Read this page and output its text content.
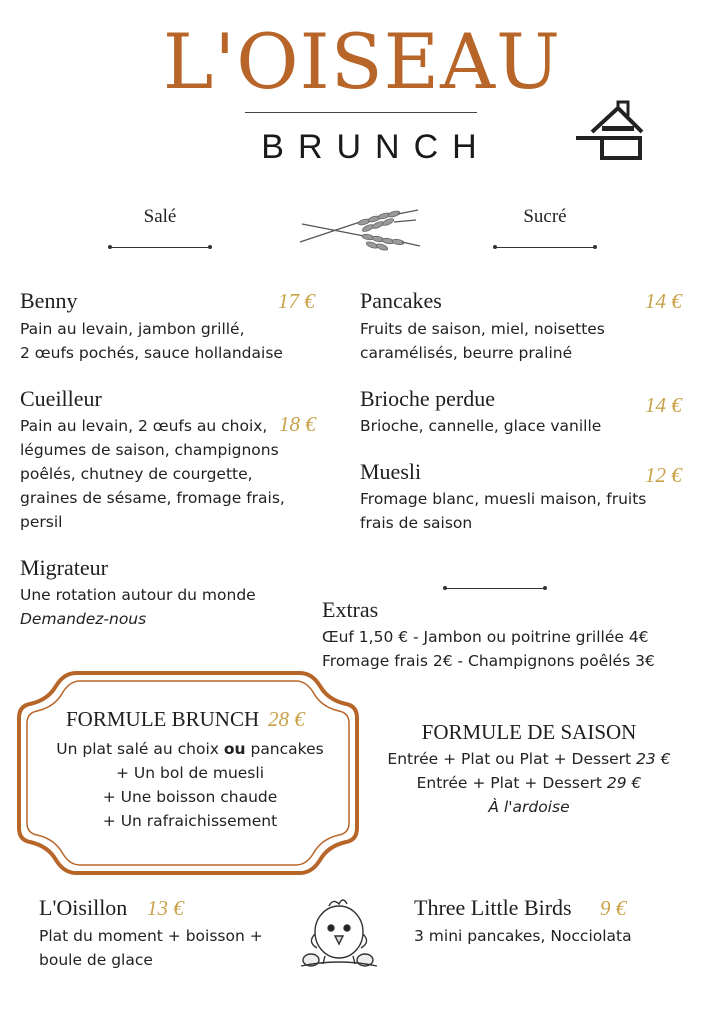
L'OISEAU
BRUNCH
Salé	Sucré
Benny	17 €
Pain au levain, jambon grillé,
2 œufs pochés, sauce hollandaise
Cueilleur
18 €
Pain au levain, 2 œufs au choix,
légumes de saison, champignons
poêlés, chutney de courgette,
graines de sésame, fromage frais,
persil
Migrateur
Une rotation autour du monde
Demandez-nous
Pancakes	14 €
Fruits de saison, miel, noisettes
caramélisés, beurre praliné
Brioche perdue	14 €
Brioche, cannelle, glace vanille
Muesli	12 €
Fromage blanc, muesli maison, fruits
frais de saison
Extras
Œuf 1,50 € - Jambon ou poitrine grillée 4€
Fromage frais 2€ - Champignons poêlés 3€
FORMULE BRUNCH 28 €
Un plat salé au choix ou pancakes
+ Un bol de muesli
+ Une boisson chaude
+ Un rafraichissement
FORMULE DE SAISON
Entrée + Plat ou Plat + Dessert 23 €
Entrée + Plat + Dessert 29 €
À l'ardoise
L'Oisillon 13 €
Plat du moment + boisson +
boule de glace
Three Little Birds 9 €
3 mini pancakes, Nocciolata
